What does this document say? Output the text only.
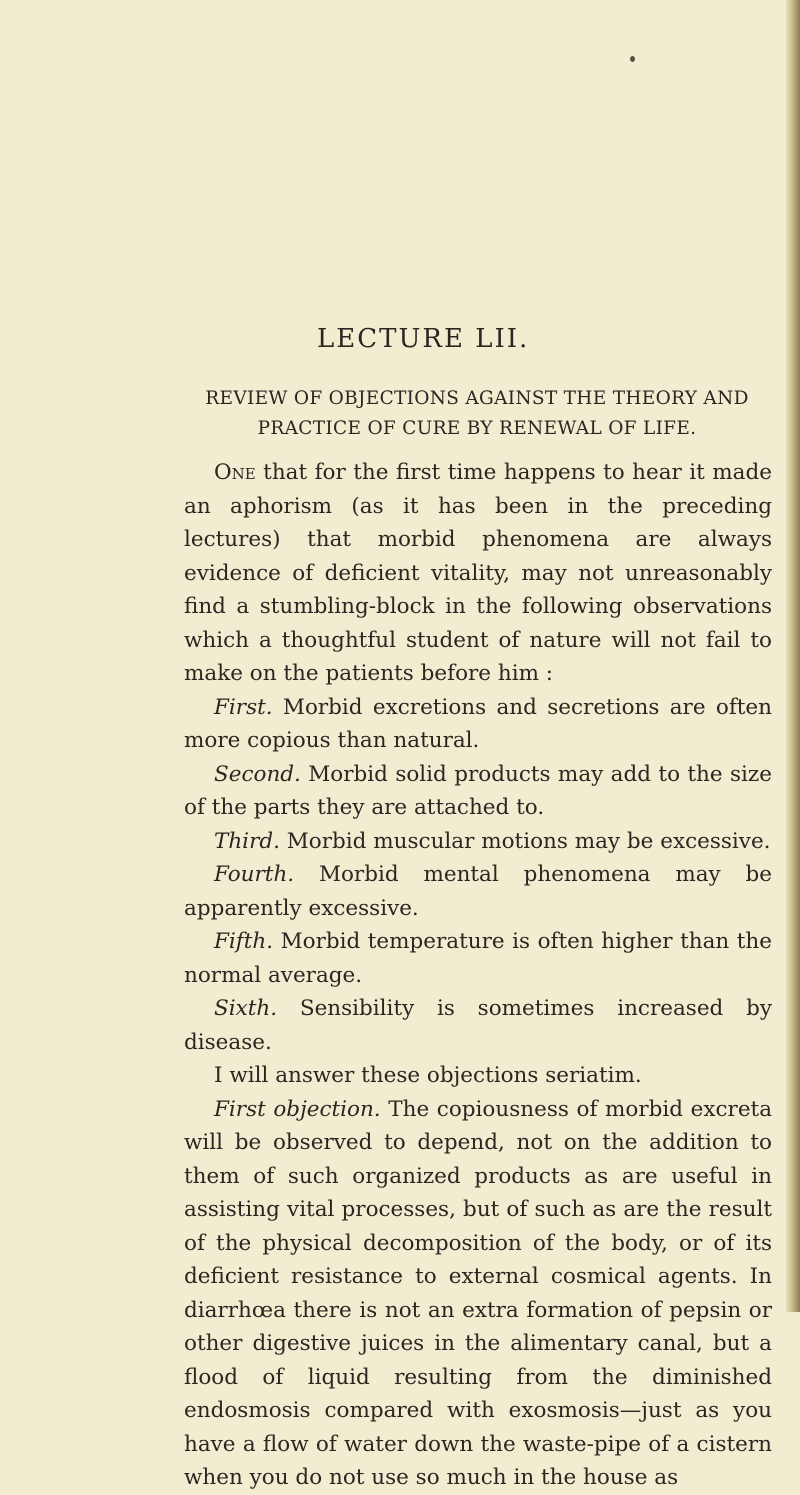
LECTURE LII.
REVIEW OF OBJECTIONS AGAINST THE THEORY AND
PRACTICE OF CURE BY RENEWAL OF LIFE.

One that for the first time happens to hear it made an aphorism (as it has been in the preceding lectures) that morbid phenomena are always evidence of deficient vitality, may not unreasonably find a stumbling-block in the following observations which a thoughtful student of nature will not fail to make on the patients before him :

First. Morbid excretions and secretions are often more copious than natural.

Second. Morbid solid products may add to the size of the parts they are attached to.

Third. Morbid muscular motions may be excessive.

Fourth. Morbid mental phenomena may be apparently excessive.

Fifth. Morbid temperature is often higher than the normal average.

Sixth. Sensibility is sometimes increased by disease.

I will answer these objections seriatim.

First objection. The copiousness of morbid excreta will be observed to depend, not on the addition to them of such organized products as are useful in assisting vital processes, but of such as are the result of the physical decomposition of the body, or of its deficient resistance to external cosmical agents. In diarrhœa there is not an extra formation of pepsin or other digestive juices in the alimentary canal, but a flood of liquid resulting from the diminished endosmosis compared with exosmosis—just as you have a flow of water down the waste-pipe of a cistern when you do not use so much in the house as
